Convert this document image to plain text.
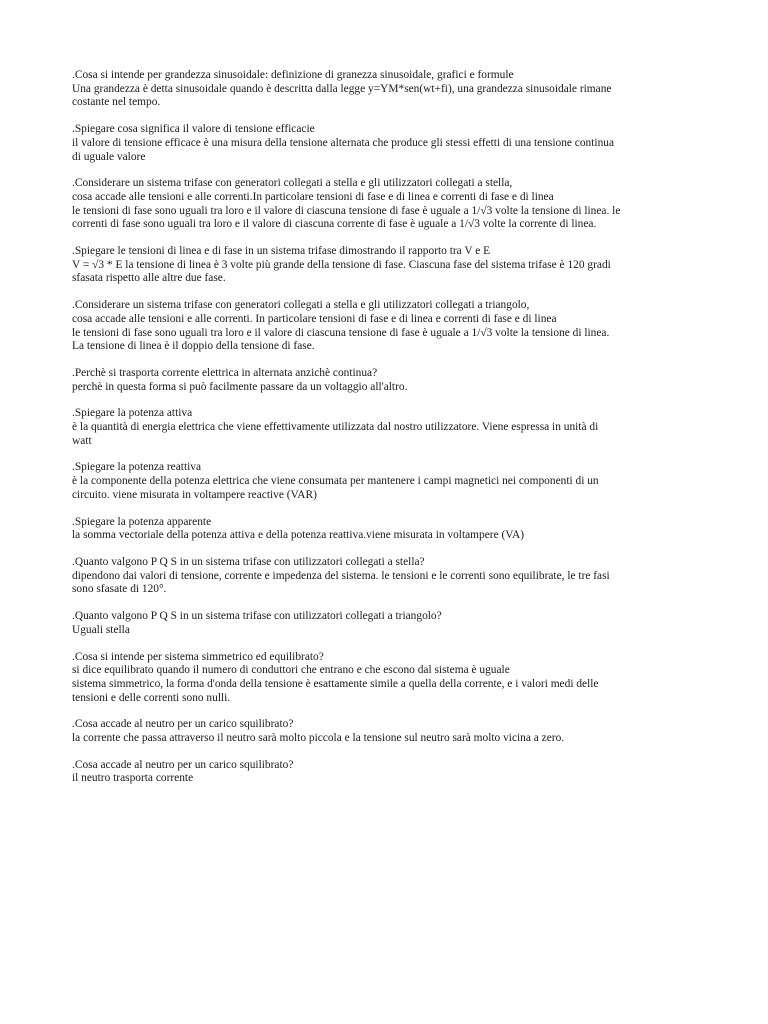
.Cosa si intende per grandezza sinusoidale: definizione di granezza sinusoidale, grafici e formule
Una grandezza è detta sinusoidale quando è descritta dalla legge y=YM*sen(wt+fi), una grandezza sinusoidale rimane
costante nel tempo.
.Spiegare cosa significa il valore di tensione efficacie
il valore di tensione efficace è una misura della tensione alternata che produce gli stessi effetti di una tensione continua
di uguale valore
.Considerare un sistema trifase con generatori collegati a stella e gli utilizzatori collegati a stella,
cosa accade alle tensioni e alle correnti.In particolare tensioni di fase e di linea e correnti di fase e di linea
le tensioni di fase sono uguali tra loro e il valore di ciascuna tensione di fase è uguale a 1/√3 volte la tensione di linea. le
correnti di fase sono uguali tra loro e il valore di ciascuna corrente di fase è uguale a 1/√3 volte la corrente di linea.
.Spiegare le tensioni di linea e di fase in un sistema trifase dimostrando il rapporto tra V e E
V = √3 * E la tensione di linea è 3 volte più grande della tensione di fase. Ciascuna fase del sistema trifase è 120 gradi
sfasata rispetto alle altre due fase.
.Considerare un sistema trifase con generatori collegati a stella e gli utilizzatori collegati a triangolo,
cosa accade alle tensioni e alle correnti. In particolare tensioni di fase e di linea e correnti di fase e di linea
le tensioni di fase sono uguali tra loro e il valore di ciascuna tensione di fase è uguale a 1/√3 volte la tensione di linea.
La tensione di linea è il doppio della tensione di fase.
.Perchè si trasporta corrente elettrica in alternata anzichè continua?
perchè in questa forma si può facilmente passare da un voltaggio all'altro.
.Spiegare la potenza attiva
è la quantità di energia elettrica che viene effettivamente utilizzata dal nostro utilizzatore. Viene espressa in unità di
watt
.Spiegare la potenza reattiva
è la componente della potenza elettrica che viene consumata per mantenere i campi magnetici nei componenti di un
circuito. viene misurata in voltampere reactive (VAR)
.Spiegare la potenza apparente
la somma vectoriale della potenza attiva e della potenza reattiva.viene misurata in voltampere (VA)
.Quanto valgono P Q S in un sistema trifase con utilizzatori collegati a stella?
dipendono dai valori di tensione, corrente e impedenza del sistema. le tensioni e le correnti sono equilibrate, le tre fasi
sono sfasate di 120°.
.Quanto valgono P Q S in un sistema trifase con utilizzatori collegati a triangolo?
Uguali stella
.Cosa si intende per sistema simmetrico ed equilibrato?
si dice equilibrato quando il numero di conduttori che entrano e che escono dal sistema è uguale
sistema simmetrico, la forma d'onda della tensione è esattamente simile a quella della corrente, e i valori medi delle
tensioni e delle correnti sono nulli.
.Cosa accade al neutro per un carico squilibrato?
la corrente che passa attraverso il neutro sarà molto piccola e la tensione sul neutro sarà molto vicina a zero.
.Cosa accade al neutro per un carico squilibrato?
il neutro trasporta corrente
